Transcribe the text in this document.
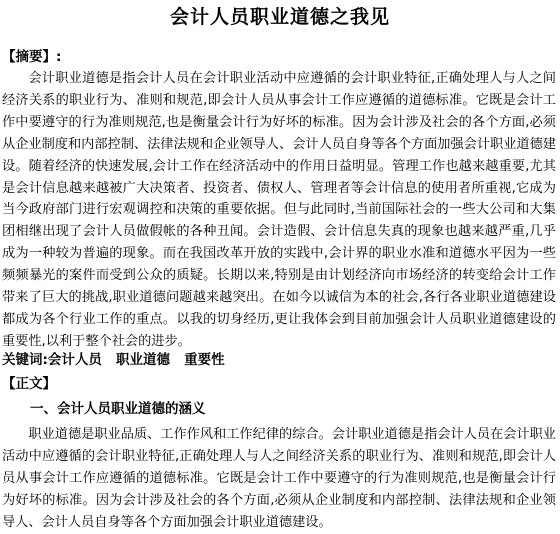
会计人员职业道德之我见
【摘要】:

会计职业道德是指会计人员在会计职业活动中应遵循的会计职业特征,正确处理人与人之间经济关系的职业行为、准则和规范,即会计人员从事会计工作应遵循的道德标准。它既是会计工作中要遵守的行为准则规范,也是衡量会计行为好坏的标准。因为会计涉及社会的各个方面,必须从企业制度和内部控制、法律法规和企业领导人、会计人员自身等各个方面加强会计职业道德建设。随着经济的快速发展,会计工作在经济活动中的作用日益明显。管理工作也越来越重要,尤其是会计信息越来越被广大决策者、投资者、债权人、管理者等会计信息的使用者所重视,它成为当今政府部门进行宏观调控和决策的重要依据。但与此同时,当前国际社会的一些大公司和大集团相继出现了会计人员做假帐的各种丑闻。会计造假、会计信息失真的现象也越来越严重,几乎成为一种较为普遍的现象。而在我国改革开放的实践中,会计界的职业水准和道德水平因为一些频频暴光的案件而受到公众的质疑。长期以来,特别是由计划经济向市场经济的转变给会计工作带来了巨大的挑战,职业道德问题越来越突出。在如今以诚信为本的社会,各行各业职业道德建设都成为各个行业工作的重点。以我的切身经历,更让我体会到目前加强会计人员职业道德建设的重要性,以利于整个社会的进步。

关键词:会计人员   职业道德   重要性
【正文】
一、会计人员职业道德的涵义

职业道德是职业品质、工作作风和工作纪律的综合。会计职业道德是指会计人员在会计职业活动中应遵循的会计职业特征,正确处理人与人之间经济关系的职业行为、准则和规范,即会计人员从事会计工作应遵循的道德标准。它既是会计工作中要遵守的行为准则规范,也是衡量会计行为好坏的标准。因为会计涉及社会的各个方面,必须从企业制度和内部控制、法律法规和企业领导人、会计人员自身等各个方面加强会计职业道德建设。
